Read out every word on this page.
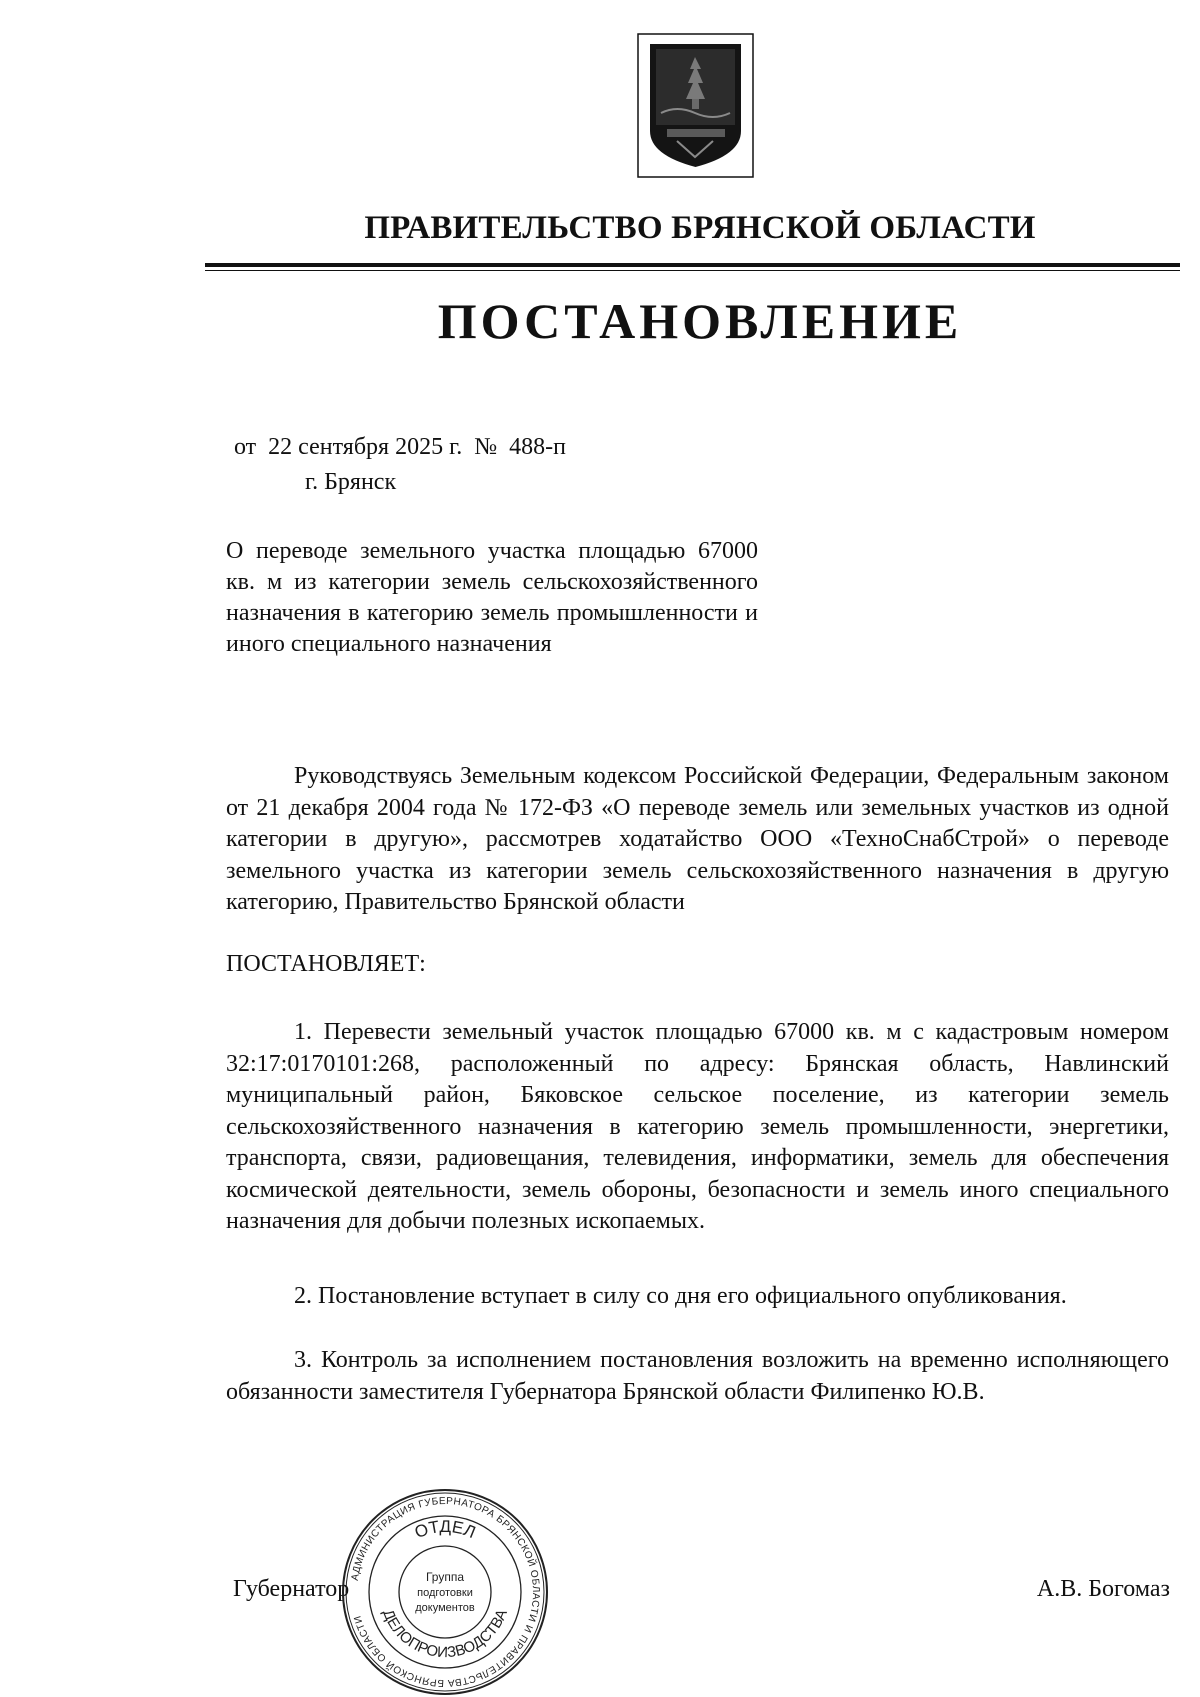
ПРАВИТЕЛЬСТВО БРЯНСКОЙ ОБЛАСТИ
ПОСТАНОВЛЕНИЕ
от  22 сентября 2025 г.  №  488-п
г. Брянск
О переводе земельного участка площадью 67000 кв. м из категории земель сельскохозяйственного назначения в категорию земель промышленности и иного специального назначения
Руководствуясь Земельным кодексом Российской Федерации, Федеральным законом от 21 декабря 2004 года № 172-ФЗ «О переводе земель или земельных участков из одной категории в другую», рассмотрев ходатайство ООО «ТехноСнабСтрой» о переводе земельного участка из категории земель сельскохозяйственного назначения в другую категорию, Правительство Брянской области
ПОСТАНОВЛЯЕТ:
1. Перевести земельный участок площадью 67000 кв. м с кадастровым номером 32:17:0170101:268, расположенный по адресу: Брянская область, Навлинский муниципальный район, Бяковское сельское поселение, из категории земель сельскохозяйственного назначения в категорию земель промышленности, энергетики, транспорта, связи, радиовещания, телевидения, информатики, земель для обеспечения космической деятельности, земель обороны, безопасности и земель иного специального назначения для добычи полезных ископаемых.
2. Постановление вступает в силу со дня его официального опубликования.
3. Контроль за исполнением постановления возложить на временно исполняющего обязанности заместителя Губернатора Брянской области Филипенко Ю.В.
Губернатор	А.В. Богомаз
АДМИНИСТРАЦИЯ ГУБЕРНАТОРА БРЯНСКОЙ ОБЛАСТИ И ПРАВИТЕЛЬСТВА БРЯНСКОЙ ОБЛАСТИ
ОТДЕЛ
ДЕЛОПРОИЗВОДСТВА
Группа
подготовки
документов
